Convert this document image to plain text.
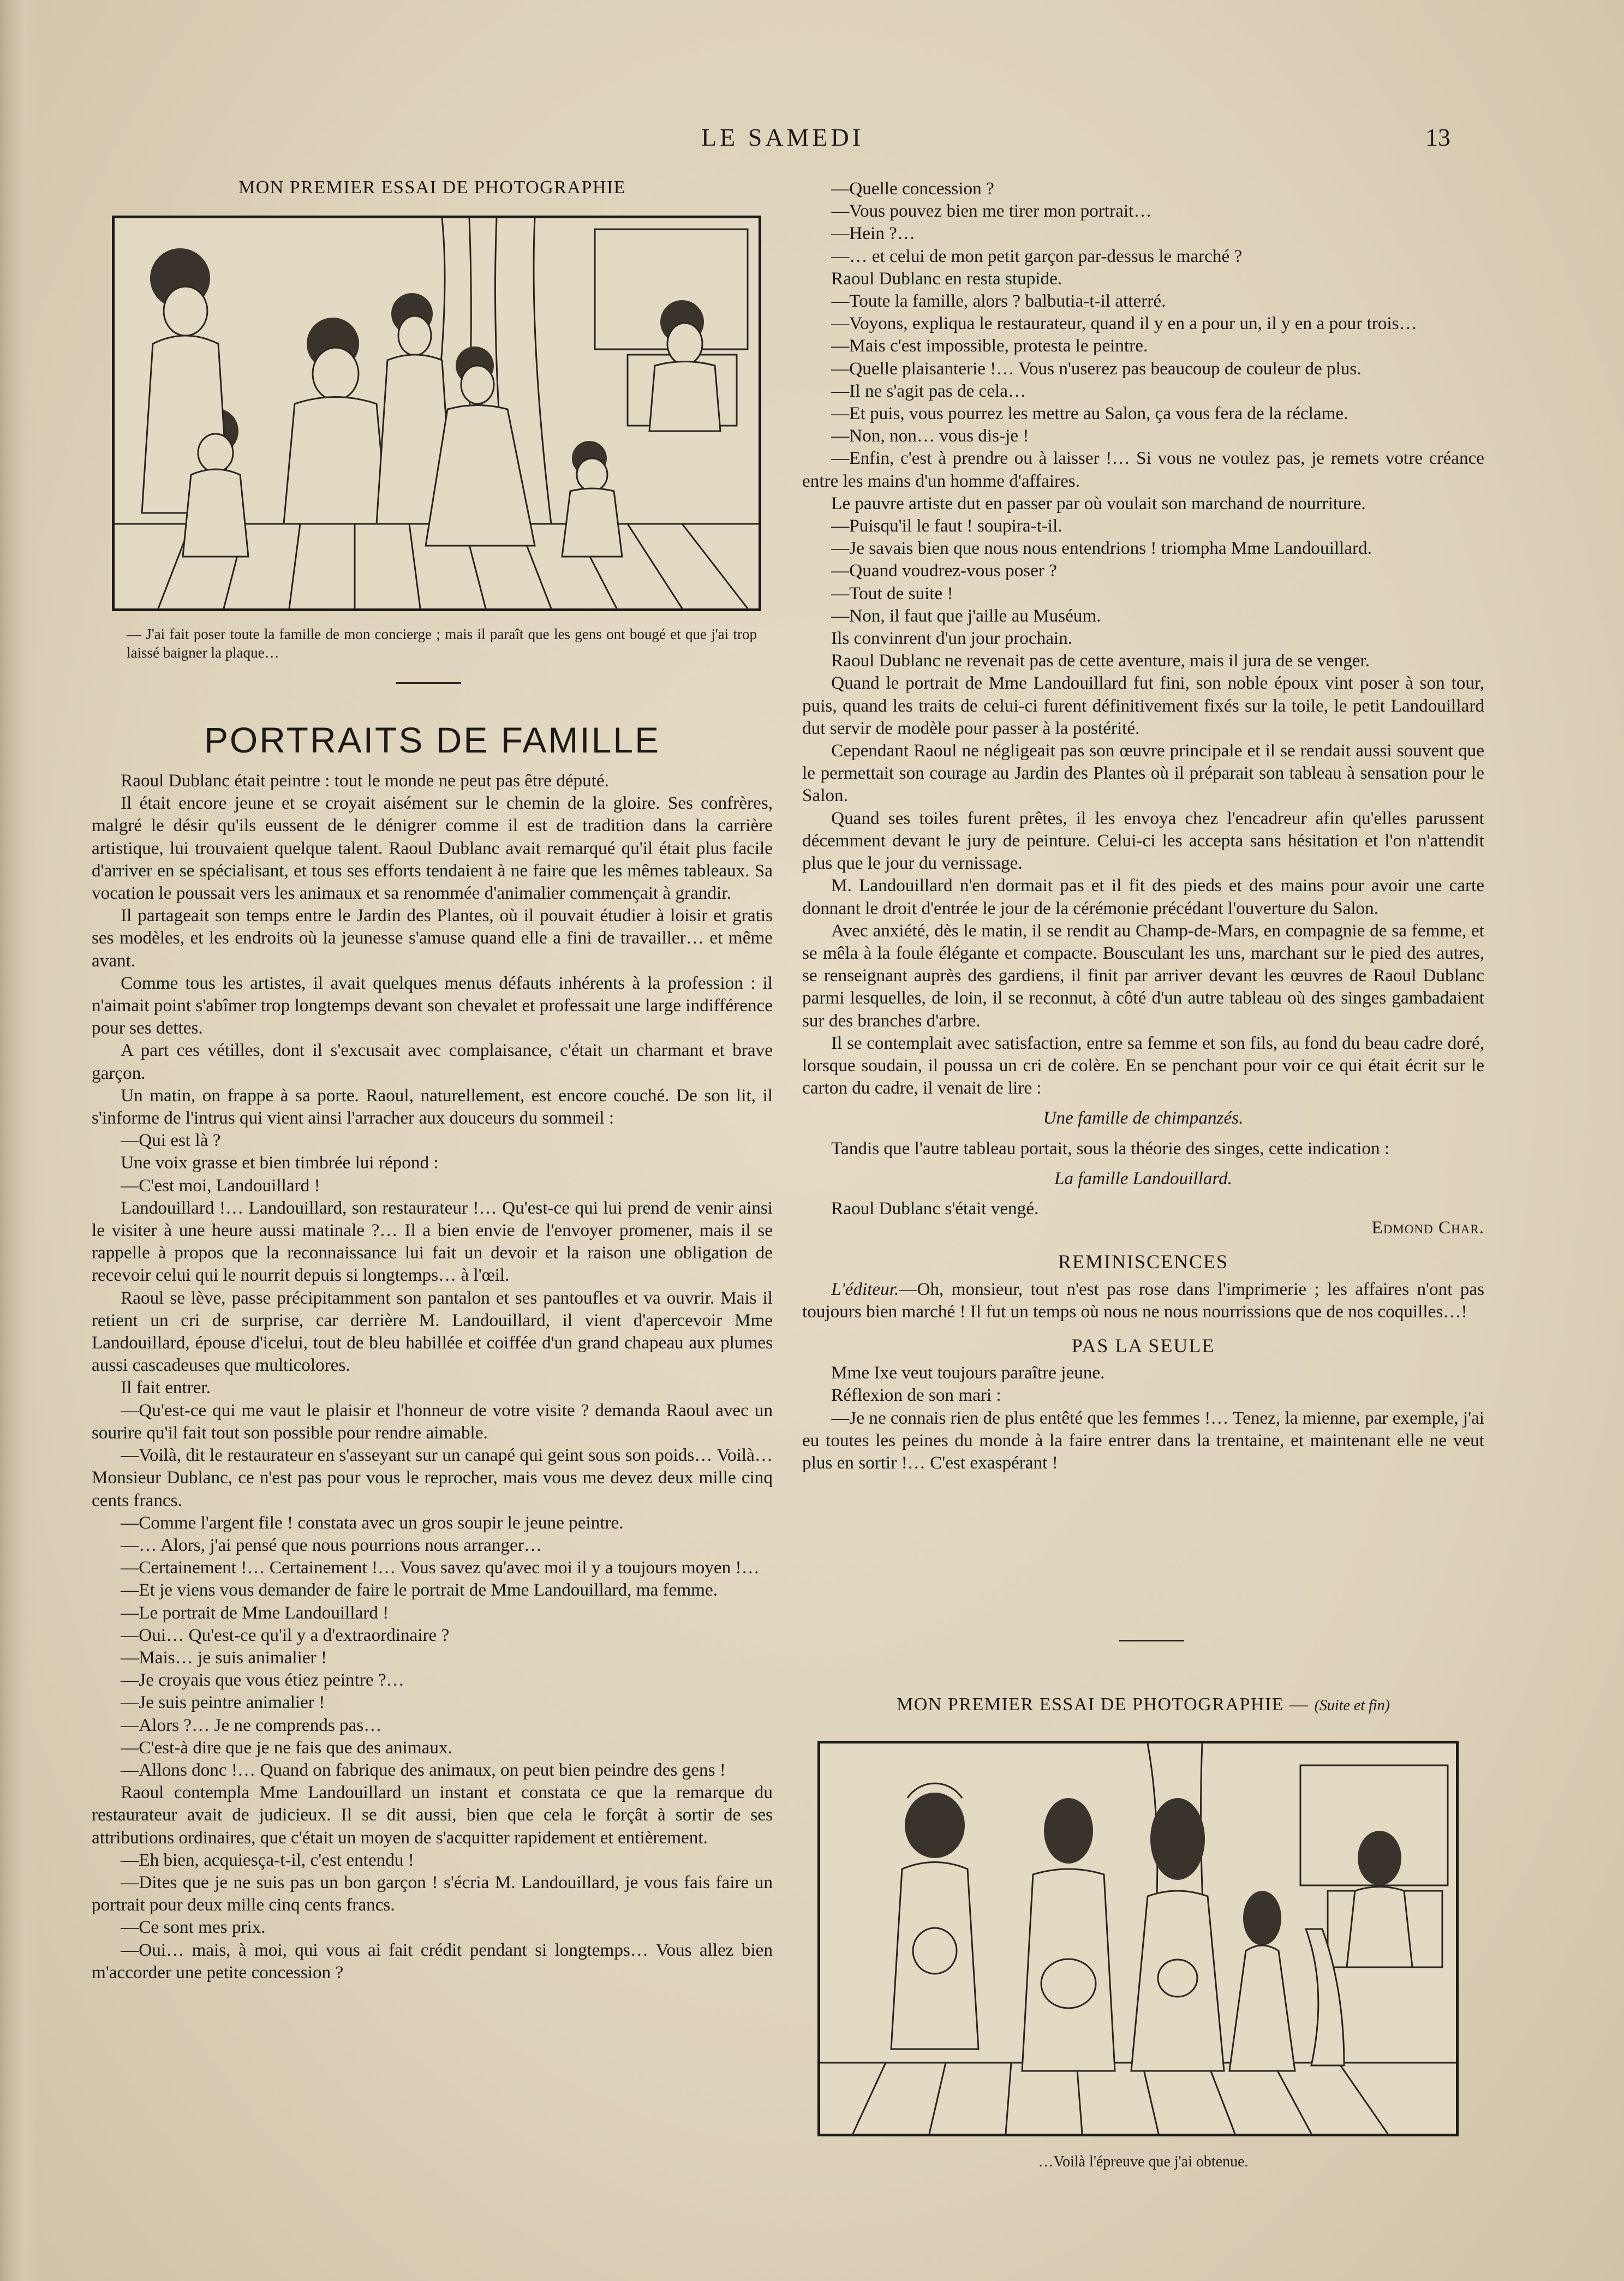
LE SAMEDI	13
MON PREMIER ESSAI DE PHOTOGRAPHIE
— J'ai fait poser toute la famille de mon concierge ; mais il paraît que les gens ont bougé et que j'ai trop laissé baigner la plaque…
PORTRAITS DE FAMILLE

Raoul Dublanc était peintre : tout le monde ne peut pas être député.

Il était encore jeune et se croyait aisément sur le chemin de la gloire. Ses confrères, malgré le désir qu'ils eussent de le dénigrer comme il est de tradition dans la carrière artistique, lui trouvaient quelque talent. Raoul Dublanc avait remarqué qu'il était plus facile d'arriver en se spécialisant, et tous ses efforts tendaient à ne faire que les mêmes tableaux. Sa vocation le poussait vers les animaux et sa renommée d'animalier commençait à grandir.

Il partageait son temps entre le Jardin des Plantes, où il pouvait étudier à loisir et gratis ses modèles, et les endroits où la jeunesse s'amuse quand elle a fini de travailler… et même avant.

Comme tous les artistes, il avait quelques menus défauts inhérents à la profession : il n'aimait point s'abîmer trop longtemps devant son chevalet et professait une large indifférence pour ses dettes.

A part ces vétilles, dont il s'excusait avec complaisance, c'était un charmant et brave garçon.

Un matin, on frappe à sa porte. Raoul, naturellement, est encore couché. De son lit, il s'informe de l'intrus qui vient ainsi l'arracher aux douceurs du sommeil :

—Qui est là ?

Une voix grasse et bien timbrée lui répond :

—C'est moi, Landouillard !

Landouillard !… Landouillard, son restaurateur !… Qu'est-ce qui lui prend de venir ainsi le visiter à une heure aussi matinale ?… Il a bien envie de l'envoyer promener, mais il se rappelle à propos que la reconnaissance lui fait un devoir et la raison une obligation de recevoir celui qui le nourrit depuis si longtemps… à l'œil.

Raoul se lève, passe précipitamment son pantalon et ses pantoufles et va ouvrir. Mais il retient un cri de surprise, car derrière M. Landouillard, il vient d'apercevoir Mme Landouillard, épouse d'icelui, tout de bleu habillée et coiffée d'un grand chapeau aux plumes aussi cascadeuses que multicolores.

Il fait entrer.

—Qu'est-ce qui me vaut le plaisir et l'honneur de votre visite ? demanda Raoul avec un sourire qu'il fait tout son possible pour rendre aimable.

—Voilà, dit le restaurateur en s'asseyant sur un canapé qui geint sous son poids… Voilà… Monsieur Dublanc, ce n'est pas pour vous le reprocher, mais vous me devez deux mille cinq cents francs.

—Comme l'argent file ! constata avec un gros soupir le jeune peintre.

—… Alors, j'ai pensé que nous pourrions nous arranger…

—Certainement !… Certainement !… Vous savez qu'avec moi il y a toujours moyen !…

—Et je viens vous demander de faire le portrait de Mme Landouillard, ma femme.

—Le portrait de Mme Landouillard !

—Oui… Qu'est-ce qu'il y a d'extraordinaire ?

—Mais… je suis animalier !

—Je croyais que vous étiez peintre ?…

—Je suis peintre animalier !

—Alors ?… Je ne comprends pas…

—C'est-à dire que je ne fais que des animaux.

—Allons donc !… Quand on fabrique des animaux, on peut bien peindre des gens !

Raoul contempla Mme Landouillard un instant et constata ce que la remarque du restaurateur avait de judicieux. Il se dit aussi, bien que cela le forçât à sortir de ses attributions ordinaires, que c'était un moyen de s'acquitter rapidement et entièrement.

—Eh bien, acquiesça-t-il, c'est entendu !

—Dites que je ne suis pas un bon garçon ! s'écria M. Landouillard, je vous fais faire un portrait pour deux mille cinq cents francs.

—Ce sont mes prix.

—Oui… mais, à moi, qui vous ai fait crédit pendant si longtemps… Vous allez bien m'accorder une petite concession ?

—Quelle concession ?

—Vous pouvez bien me tirer mon portrait…

—Hein ?…

—… et celui de mon petit garçon par-dessus le marché ?

Raoul Dublanc en resta stupide.

—Toute la famille, alors ? balbutia-t-il atterré.

—Voyons, expliqua le restaurateur, quand il y en a pour un, il y en a pour trois…

—Mais c'est impossible, protesta le peintre.

—Quelle plaisanterie !… Vous n'userez pas beaucoup de couleur de plus.

—Il ne s'agit pas de cela…

—Et puis, vous pourrez les mettre au Salon, ça vous fera de la réclame.

—Non, non… vous dis-je !

—Enfin, c'est à prendre ou à laisser !… Si vous ne voulez pas, je remets votre créance entre les mains d'un homme d'affaires.

Le pauvre artiste dut en passer par où voulait son marchand de nourriture.

—Puisqu'il le faut ! soupira-t-il.

—Je savais bien que nous nous entendrions ! triompha Mme Landouillard.

—Quand voudrez-vous poser ?

—Tout de suite !

—Non, il faut que j'aille au Muséum.

Ils convinrent d'un jour prochain.

Raoul Dublanc ne revenait pas de cette aventure, mais il jura de se venger.

Quand le portrait de Mme Landouillard fut fini, son noble époux vint poser à son tour, puis, quand les traits de celui-ci furent définitivement fixés sur la toile, le petit Landouillard dut servir de modèle pour passer à la postérité.

Cependant Raoul ne négligeait pas son œuvre principale et il se rendait aussi souvent que le permettait son courage au Jardin des Plantes où il préparait son tableau à sensation pour le Salon.

Quand ses toiles furent prêtes, il les envoya chez l'encadreur afin qu'elles parussent décemment devant le jury de peinture. Celui-ci les accepta sans hésitation et l'on n'attendit plus que le jour du vernissage.

M. Landouillard n'en dormait pas et il fit des pieds et des mains pour avoir une carte donnant le droit d'entrée le jour de la cérémonie précédant l'ouverture du Salon.

Avec anxiété, dès le matin, il se rendit au Champ-de-Mars, en compagnie de sa femme, et se mêla à la foule élégante et compacte. Bousculant les uns, marchant sur le pied des autres, se renseignant auprès des gardiens, il finit par arriver devant les œuvres de Raoul Dublanc parmi lesquelles, de loin, il se reconnut, à côté d'un autre tableau où des singes gambadaient sur des branches d'arbre.

Il se contemplait avec satisfaction, entre sa femme et son fils, au fond du beau cadre doré, lorsque soudain, il poussa un cri de colère. En se penchant pour voir ce qui était écrit sur le carton du cadre, il venait de lire :

Une famille de chimpanzés.

Tandis que l'autre tableau portait, sous la théorie des singes, cette indication :

La famille Landouillard.

Raoul Dublanc s'était vengé.

Edmond Char.

REMINISCENCES

L'éditeur.—Oh, monsieur, tout n'est pas rose dans l'imprimerie ; les affaires n'ont pas toujours bien marché ! Il fut un temps où nous ne nous nourrissions que de nos coquilles…!

PAS LA SEULE

Mme Ixe veut toujours paraître jeune.

Réflexion de son mari :

—Je ne connais rien de plus entêté que les femmes !… Tenez, la mienne, par exemple, j'ai eu toutes les peines du monde à la faire entrer dans la trentaine, et maintenant elle ne veut plus en sortir !… C'est exaspérant !

MON PREMIER ESSAI DE PHOTOGRAPHIE — (Suite et fin)
…Voilà l'épreuve que j'ai obtenue.
